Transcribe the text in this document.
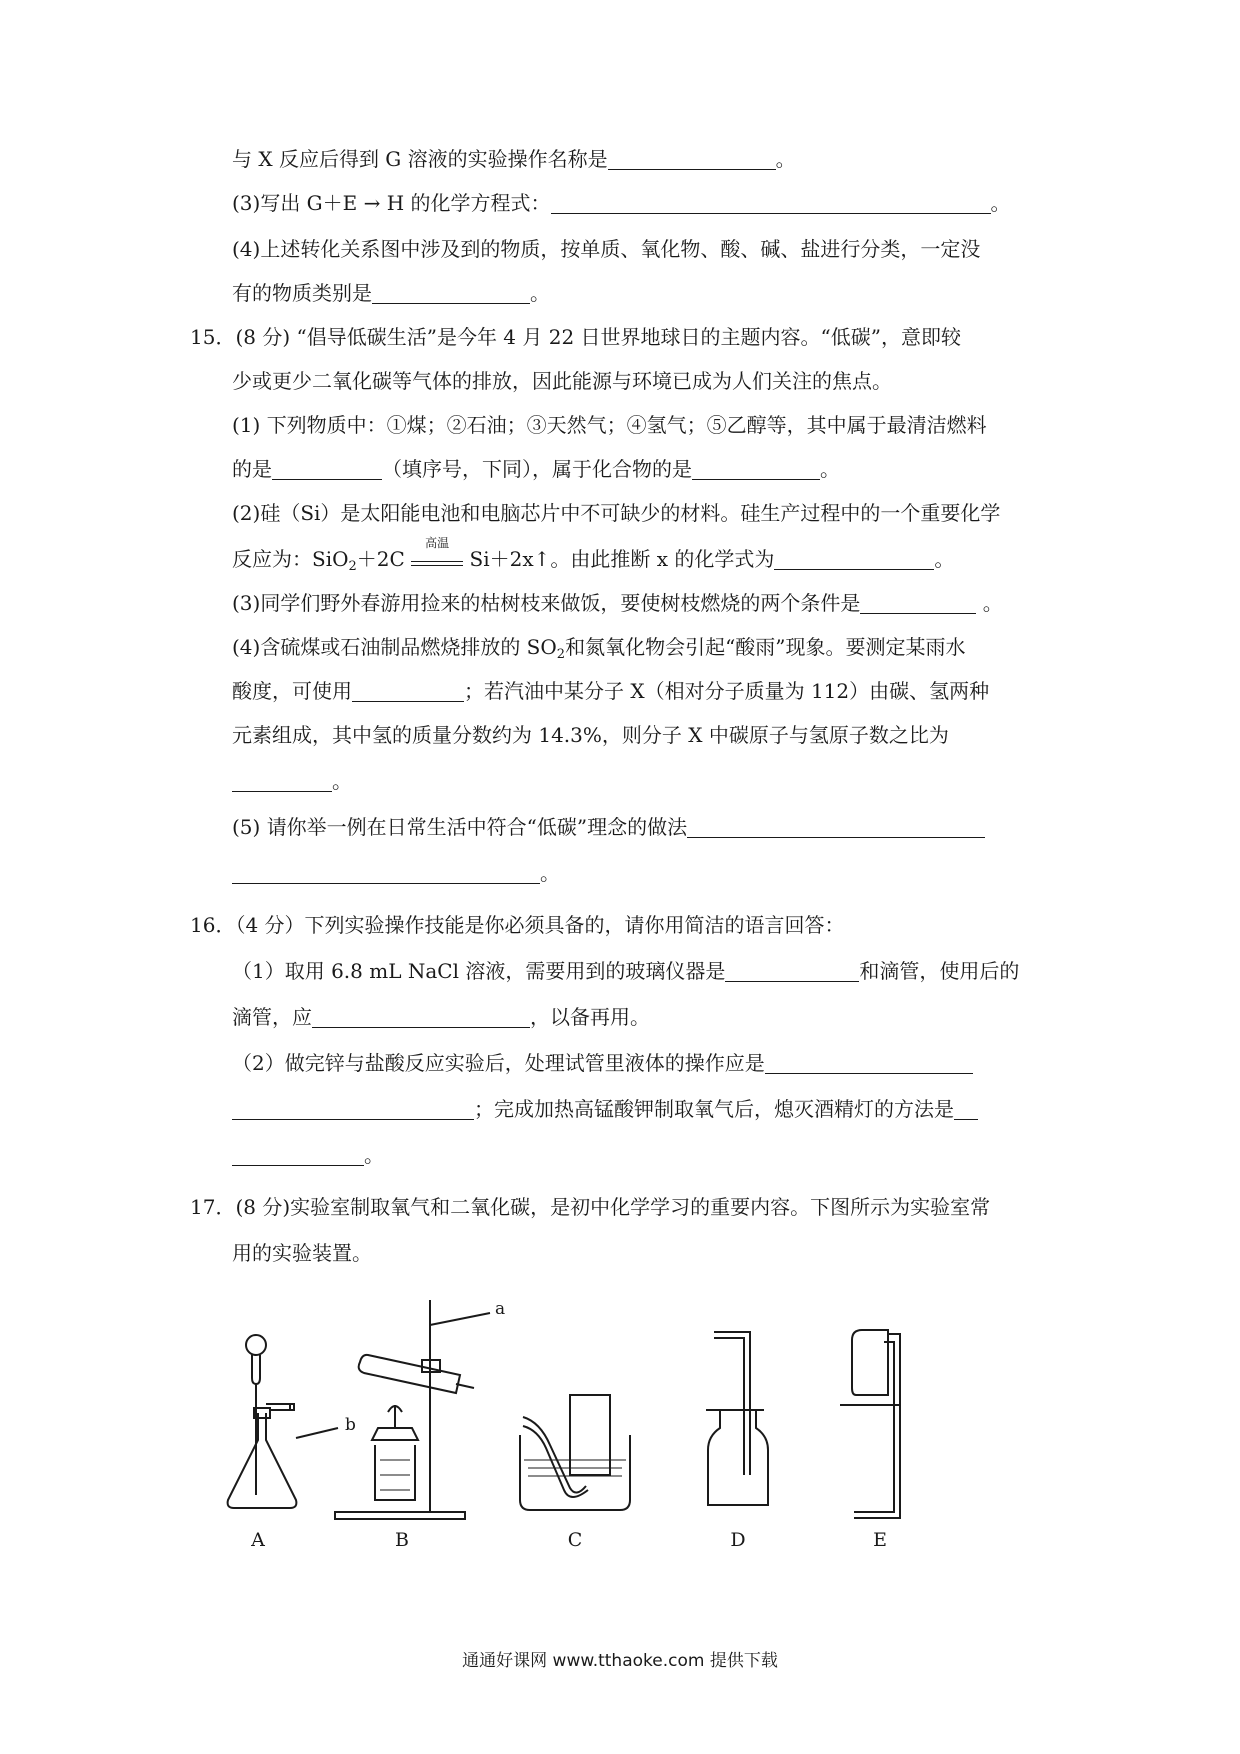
与 X 反应后得到 G 溶液的实验操作名称是	。
(3)写出 G＋E → H 的化学方程式：	。
(4)上述转化关系图中涉及到的物质，按单质、氧化物、酸、碱、盐进行分类，一定没
有的物质类别是	。
15．(8 分) “倡导低碳生活”是今年 4 月 22 日世界地球日的主题内容。“低碳”，意即较
少或更少二氧化碳等气体的排放，因此能源与环境已成为人们关注的焦点。
(1) 下列物质中：①煤；②石油；③天然气；④氢气；⑤乙醇等，其中属于最清洁燃料
的是	（填序号，下同），属于化合物的是	。
(2)硅（Si）是太阳能电池和电脑芯片中不可缺少的材料。硅生产过程中的一个重要化学
反应为：SiO$_2$＋2C
高温
Si＋2x↑。由此推断 x 的化学式为	。
(3)同学们野外春游用捡来的枯树枝来做饭，要使树枝燃烧的两个条件是	。
(4)含硫煤或石油制品燃烧排放的 $SO_2$和氮氧化物会引起“酸雨”现象。要测定某雨水
酸度，可使用	；若汽油中某分子 X（相对分子质量为 112）由碳、氢两种
元素组成，其中氢的质量分数约为 14.3%，则分子 X 中碳原子与氢原子数之比为
。
(5) 请你举一例在日常生活中符合“低碳”理念的做法
。
16．（4 分）下列实验操作技能是你必须具备的，请你用简洁的语言回答：
（1）取用 6.8 mL NaCl 溶液，需要用到的玻璃仪器是	和滴管，使用后的
滴管，应	，以备再用。
（2）做完锌与盐酸反应实验后，处理试管里液体的操作应是
；完成加热高锰酸钾制取氧气后，熄灭酒精灯的方法是
。
17．(8 分)实验室制取氧气和二氧化碳，是初中化学学习的重要内容。下图所示为实验室常
用的实验装置。
b
A
a
B	C	D	E
通通好课网 www.tthaoke.com 提供下载
